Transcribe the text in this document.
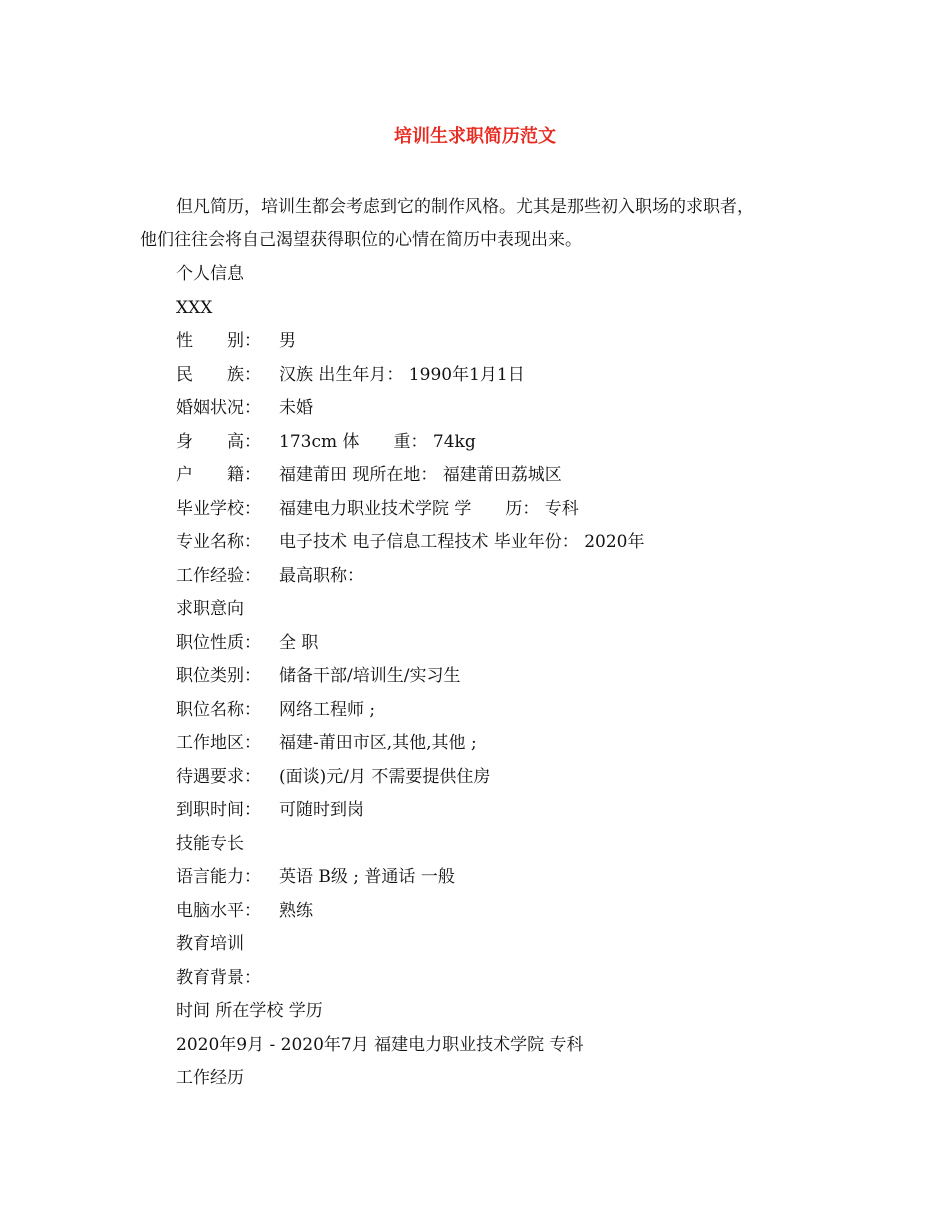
培训生求职简历范文
但凡简历，培训生都会考虑到它的制作风格。尤其是那些初入职场的求职者，
他们往往会将自己渴望获得职位的心情在简历中表现出来。
个人信息
XXX
性　　别： 男
民　　族： 汉族 出生年月： 1990年1月1日
婚姻状况： 未婚
身　　高： 173cm 体　　重： 74kg
户　　籍： 福建莆田 现所在地： 福建莆田荔城区
毕业学校： 福建电力职业技术学院 学　　历： 专科
专业名称： 电子技术 电子信息工程技术 毕业年份： 2020年
工作经验： 最高职称：
求职意向
职位性质： 全 职
职位类别： 储备干部/培训生/实习生
职位名称： 网络工程师 ;
工作地区： 福建-莆田市区,其他,其他 ;
待遇要求： (面谈)元/月 不需要提供住房
到职时间： 可随时到岗
技能专长
语言能力： 英语 B级 ; 普通话 一般
电脑水平： 熟练
教育培训
教育背景：
时间 所在学校 学历
2020年9月 - 2020年7月 福建电力职业技术学院 专科
工作经历
